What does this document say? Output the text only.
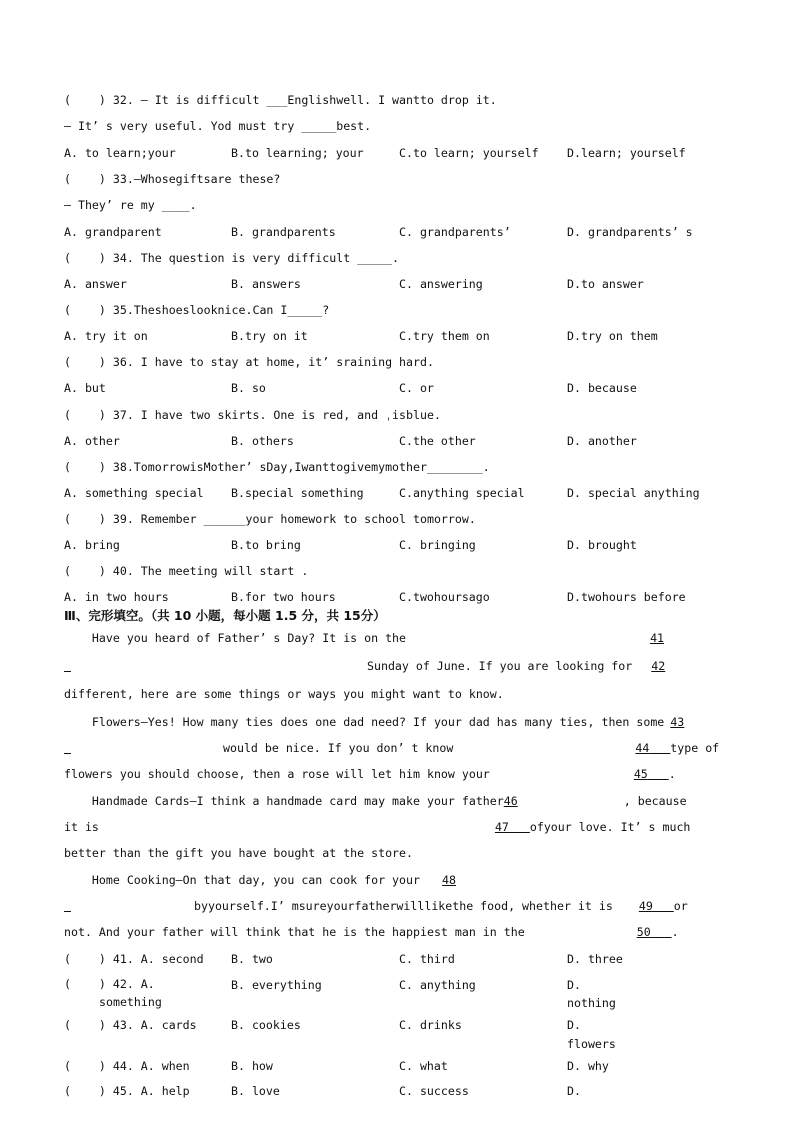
(    ) 32. — It is difficult ___Englishwell. I wantto drop it.
— It’ s very useful. Yod must try _____best.
A. to learn;your	B.to learning; your	C.to learn; yourself D.learn; yourself
(    ) 33.—Whosegiftsare these?
— They’ re my ____.
A. grandparent	B. grandparents	C. grandparents’	D. grandparents’ s
(    ) 34. The question is very difficult _____.
A. answer	B. answers	C. answering	D.to answer
(    ) 35.Theshoeslooknice.Can I_____?
A. try it on	B.try on it	C.try them on	D.try on them
(    ) 36. I have to stay at home, it’ sraining hard.
A. but	B. so	C. or	D. because
(    ) 37. I have two skirts. One is red, and ˌisblue.
A. other	B. others	C.the other	D. another
(    ) 38.TomorrowisMother’ sDay,Iwanttogivemymother________.
A. something special B.special something	C.anything special	D. special anything
(    ) 39. Remember ______your homework to school tomorrow.
A. bring	B.to bring	C. bringing	D. brought
(    ) 40. The meeting will start .
A. in two hours	B.for two hours	C.twohoursago	D.twohours before
Ⅲ、完形填空。（共 10 小题，每小题 1.5 分，共 15分）
Have you heard of Father’ s Day? It is on the	41
Sunday of June. If you are looking for 42
different, here are some things or ways you might want to know.
Flowers—Yes! How many ties does one dad need? If your dad has many ties, then some 43
would be nice. If you don’ t know	44 type of
flowers you should choose, then a rose will let him know your	45 .
Handmade Cards—I think a handmade card may make your father46	, because
it is	47 ofyour love. It’ s much
better than the gift you have bought at the store.
Home Cooking—On that day, you can cook for your 48
byyourself.I’ msureyourfatherwilllikethe food, whether it is 49 or
not. And your father will think that he is the happiest man in the	50 .
(    ) 41. A. second B. two	C. third	D. three
(    ) 42. A.
something
B. everything	C. anything	D.
nothing
(    ) 43. A. cards	B. cookies	C. drinks	D.
flowers
(    ) 44. A. when	B. how	C. what	D. why
(    ) 45. A. help	B. love	C. success	D.
